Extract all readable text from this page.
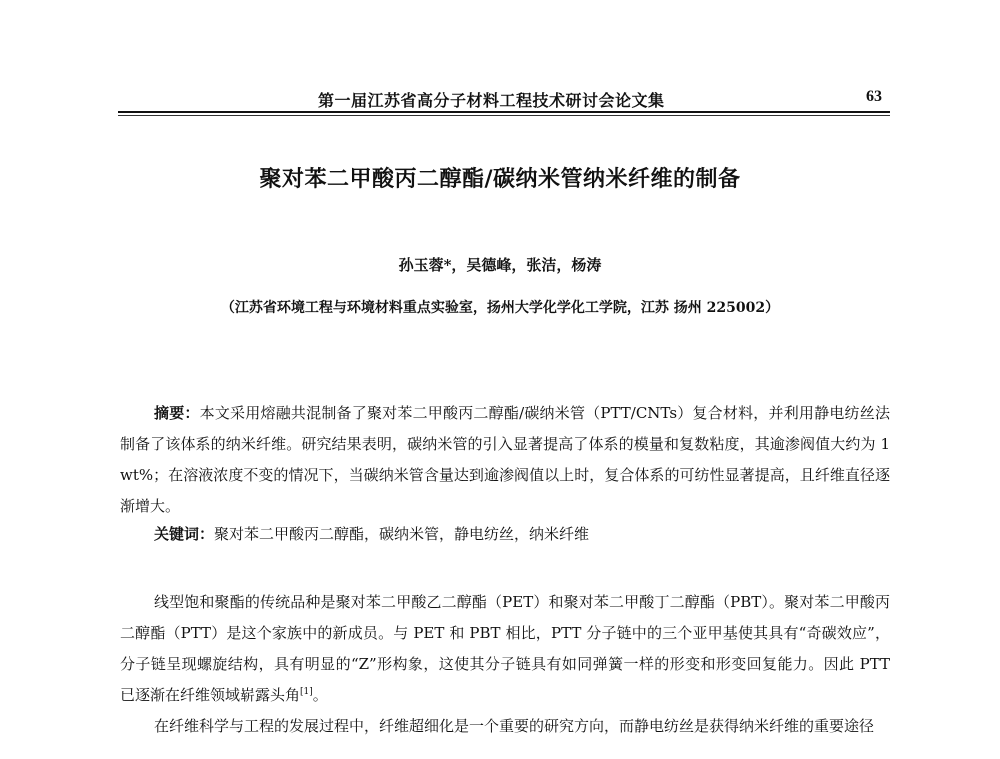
第一届江苏省高分子材料工程技术研讨会论文集	63
聚对苯二甲酸丙二醇酯/碳纳米管纳米纤维的制备
孙玉蓉*，吴德峰，张洁，杨涛
（江苏省环境工程与环境材料重点实验室，扬州大学化学化工学院，江苏 扬州 225002）

摘要：本文采用熔融共混制备了聚对苯二甲酸丙二醇酯/碳纳米管（PTT/CNTs）复合材料，并利用静电纺丝法制备了该体系的纳米纤维。研究结果表明，碳纳米管的引入显著提高了体系的模量和复数粘度，其逾渗阀值大约为 1 wt%；在溶液浓度不变的情况下，当碳纳米管含量达到逾渗阀值以上时，复合体系的可纺性显著提高，且纤维直径逐渐增大。

关键词：聚对苯二甲酸丙二醇酯，碳纳米管，静电纺丝，纳米纤维

线型饱和聚酯的传统品种是聚对苯二甲酸乙二醇酯（PET）和聚对苯二甲酸丁二醇酯（PBT）。聚对苯二甲酸丙二醇酯（PTT）是这个家族中的新成员。与 PET 和 PBT 相比，PTT 分子链中的三个亚甲基使其具有“奇碳效应”，分子链呈现螺旋结构，具有明显的“Z”形构象，这使其分子链具有如同弹簧一样的形变和形变回复能力。因此 PTT 已逐渐在纤维领域崭露头角[1]。

在纤维科学与工程的发展过程中，纤维超细化是一个重要的研究方向，而静电纺丝是获得纳米纤维的重要途径
